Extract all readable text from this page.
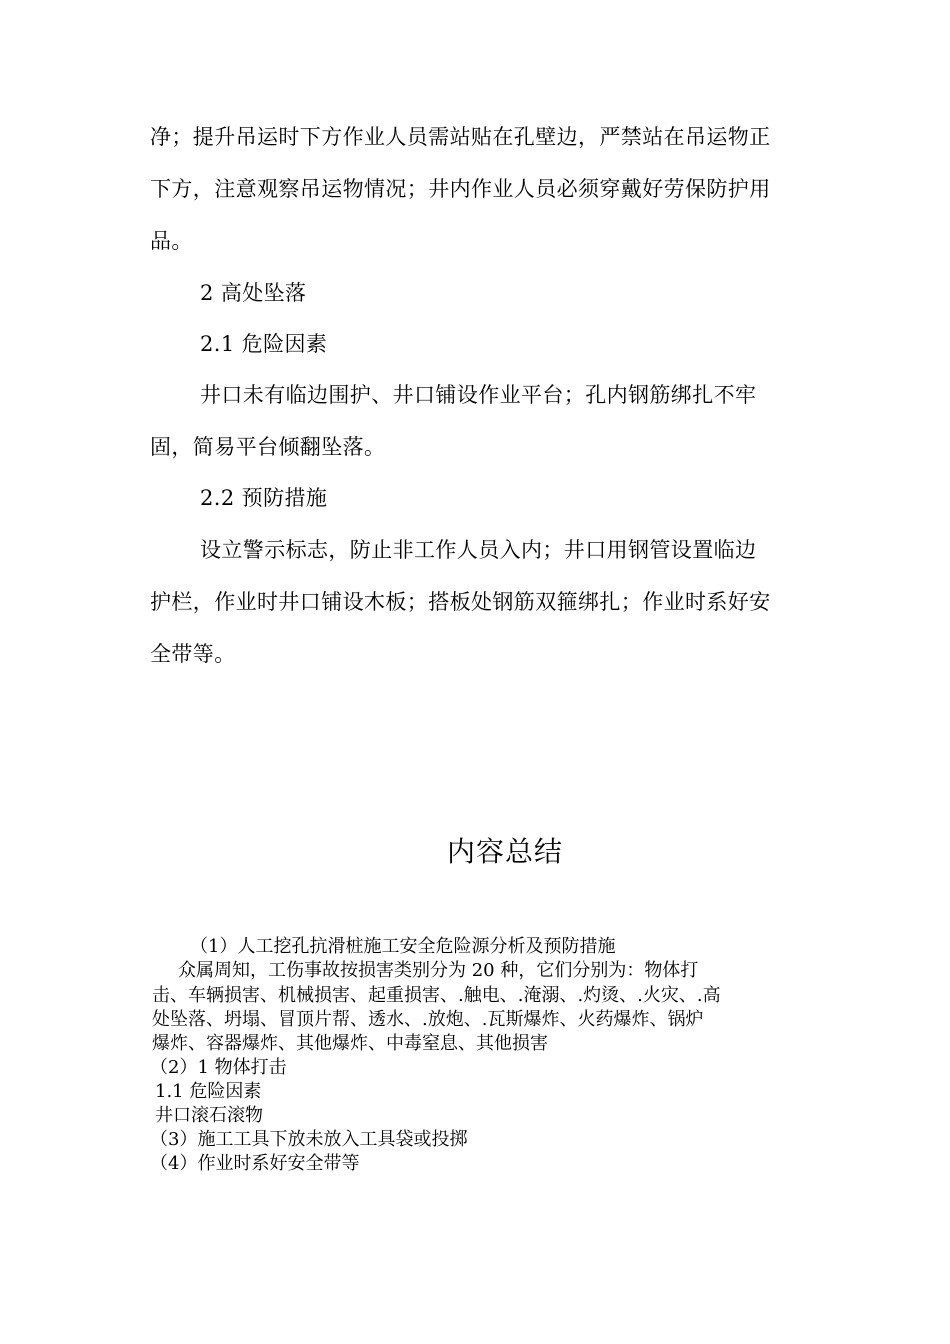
净；提升吊运时下方作业人员需站贴在孔壁边，严禁站在吊运物正
下方，注意观察吊运物情况；井内作业人员必须穿戴好劳保防护用
品。
2 高处坠落
2.1 危险因素
井口未有临边围护、井口铺设作业平台；孔内钢筋绑扎不牢
固，简易平台倾翻坠落。
2.2 预防措施
设立警示标志，防止非工作人员入内；井口用钢管设置临边
护栏，作业时井口铺设木板；搭板处钢筋双箍绑扎；作业时系好安
全带等。
内容总结
（1）人工挖孔抗滑桩施工安全危险源分析及预防措施
众属周知，工伤事故按损害类别分为 20 种，它们分别为：物体打
击、车辆损害、机械损害、起重损害、.触电、.淹溺、.灼烫、.火灾、.高
处坠落、坍塌、冒顶片帮、透水、.放炮、.瓦斯爆炸、火药爆炸、锅炉
爆炸、容器爆炸、其他爆炸、中毒窒息、其他损害
（2）1 物体打击
1.1 危险因素
井口滚石滚物
（3）施工工具下放未放入工具袋或投掷
（4）作业时系好安全带等
